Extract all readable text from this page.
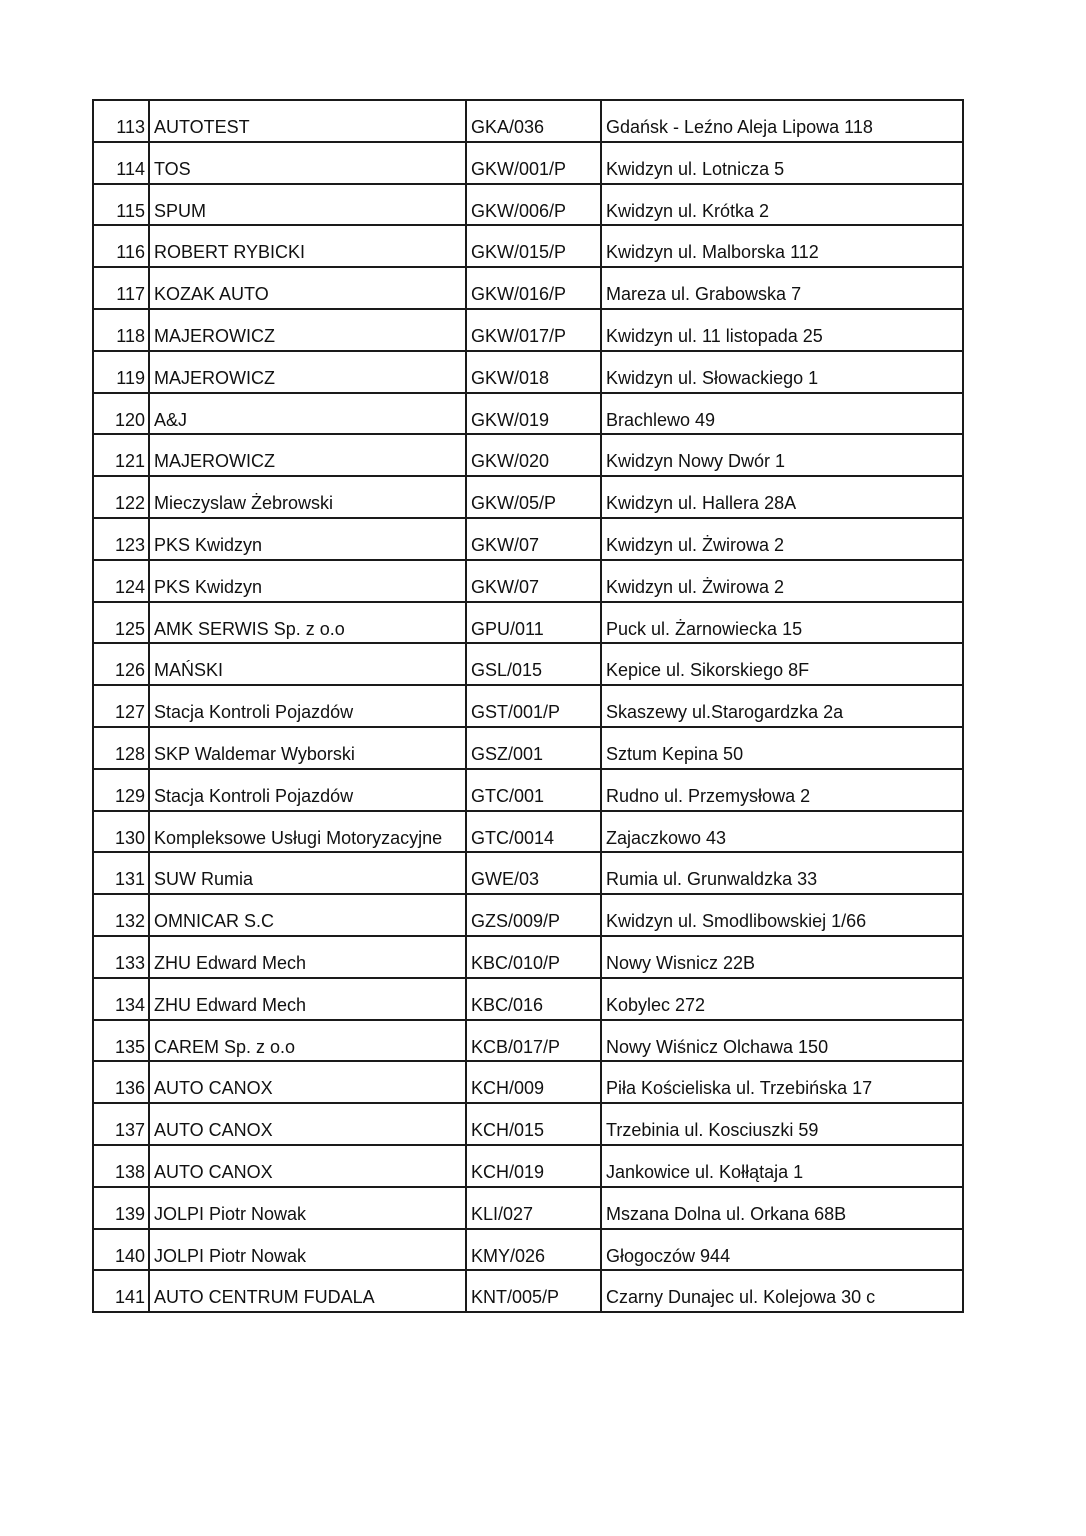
113	AUTOTEST	GKA/036	Gdańsk - Leźno Aleja Lipowa 118
114	TOS	GKW/001/P	Kwidzyn ul. Lotnicza 5
115	SPUM	GKW/006/P	Kwidzyn ul. Krótka 2
116	ROBERT RYBICKI	GKW/015/P	Kwidzyn ul. Malborska 112
117	KOZAK AUTO	GKW/016/P	Mareza ul. Grabowska 7
118	MAJEROWICZ	GKW/017/P	Kwidzyn ul. 11 listopada 25
119	MAJEROWICZ	GKW/018	Kwidzyn ul. Słowackiego 1
120	A&J	GKW/019	Brachlewo 49
121	MAJEROWICZ	GKW/020	Kwidzyn Nowy Dwór 1
122	Mieczyslaw Żebrowski	GKW/05/P	Kwidzyn ul. Hallera 28A
123	PKS Kwidzyn	GKW/07	Kwidzyn ul. Żwirowa 2
124	PKS Kwidzyn	GKW/07	Kwidzyn ul. Żwirowa 2
125	AMK SERWIS Sp. z o.o	GPU/011	Puck ul. Żarnowiecka 15
126	MAŃSKI	GSL/015	Kepice ul. Sikorskiego 8F
127	Stacja Kontroli Pojazdów	GST/001/P	Skaszewy ul.Starogardzka 2a
128	SKP Waldemar Wyborski	GSZ/001	Sztum Kepina 50
129	Stacja Kontroli Pojazdów	GTC/001	Rudno ul. Przemysłowa 2
130	Kompleksowe Usługi Motoryzacyjne	GTC/0014	Zajaczkowo 43
131	SUW Rumia	GWE/03	Rumia ul. Grunwaldzka 33
132	OMNICAR S.C	GZS/009/P	Kwidzyn ul. Smodlibowskiej 1/66
133	ZHU Edward Mech	KBC/010/P	Nowy Wisnicz 22B
134	ZHU Edward Mech	KBC/016	Kobylec 272
135	CAREM Sp. z o.o	KCB/017/P	Nowy Wiśnicz Olchawa 150
136	AUTO CANOX	KCH/009	Piła Kościeliska ul. Trzebińska 17
137	AUTO CANOX	KCH/015	Trzebinia ul. Kosciuszki 59
138	AUTO CANOX	KCH/019	Jankowice ul. Kołłątaja 1
139	JOLPI Piotr Nowak	KLI/027	Mszana Dolna ul. Orkana 68B
140	JOLPI Piotr Nowak	KMY/026	Głogoczów 944
141	AUTO CENTRUM FUDALA	KNT/005/P	Czarny Dunajec ul. Kolejowa 30 c
